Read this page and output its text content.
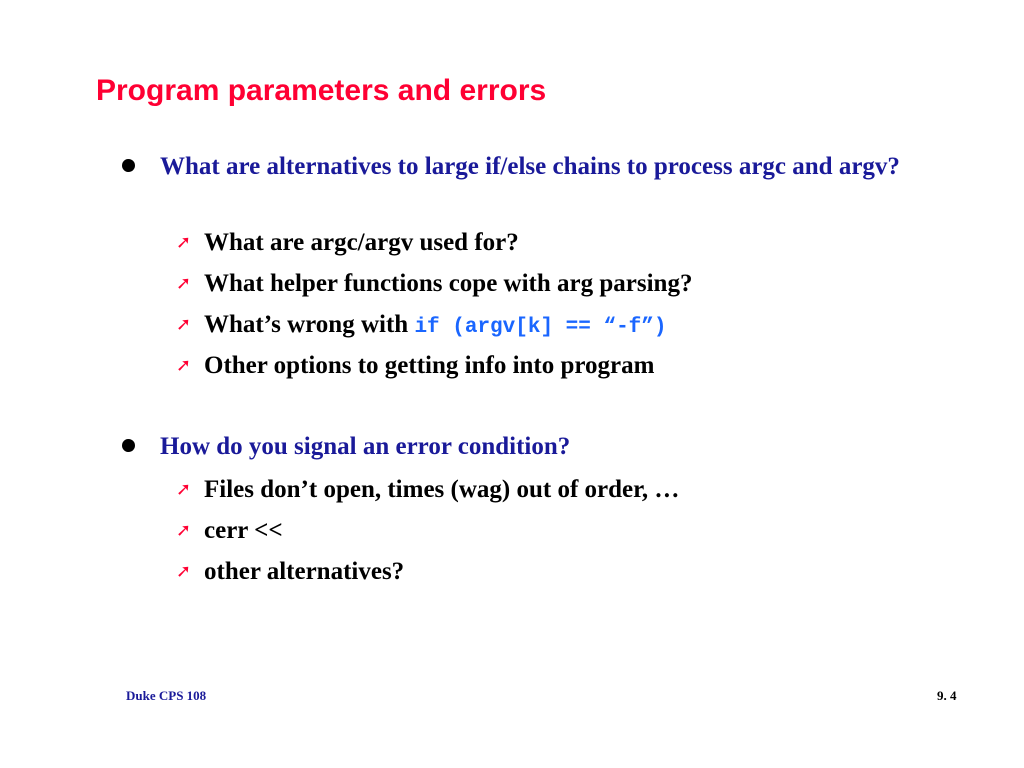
Program parameters and errors
What are alternatives to large if/else chains to process argc and argv?
➚ What are argc/argv used for?
➚ What helper functions cope with arg parsing?
➚ What’s wrong with if (argv[k] == “-f”)
➚ Other options to getting info into program
How do you signal an error condition?
➚ Files don’t open, times (wag) out of order, …
➚ cerr <<
➚ other alternatives?
Duke CPS 108	9. 4
